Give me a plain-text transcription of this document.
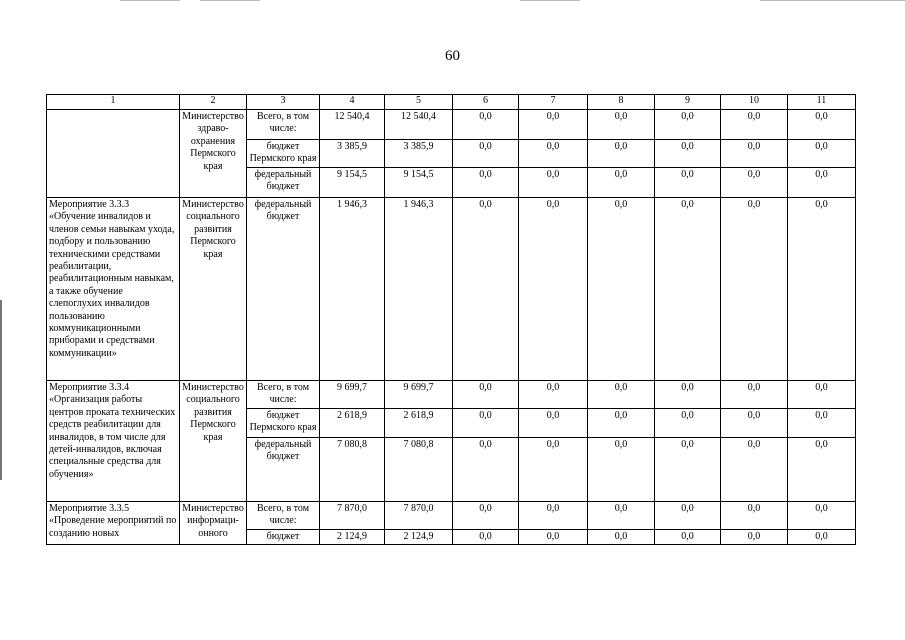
60
1	2	3	4	5	6	7	8	9	10	11
	Министерство здраво-охранения Пермского края	Всего, в том числе:	12 540,4	12 540,4	0,0	0,0	0,0	0,0	0,0	0,0
		бюджет Пермского края	3 385,9	3 385,9	0,0	0,0	0,0	0,0	0,0	0,0
		федеральный бюджет	9 154,5	9 154,5	0,0	0,0	0,0	0,0	0,0	0,0
Мероприятие 3.3.3 «Обучение инвалидов и членов семьи навыкам ухода, подбору и пользованию техническими средствами реабилитации, реабилитационным навыкам, а также обучение слепоглухих инвалидов пользованию коммуникационными приборами и средствами коммуникации»	Министерство социального развития Пермского края	федеральный бюджет	1 946,3	1 946,3	0,0	0,0	0,0	0,0	0,0	0,0
Мероприятие 3.3.4 «Организация работы центров проката технических средств реабилитации для инвалидов, в том числе для детей-инвалидов, включая специальные средства для обучения»	Министерство социального развития Пермского края	Всего, в том числе:	9 699,7	9 699,7	0,0	0,0	0,0	0,0	0,0	0,0
		бюджет Пермского края	2 618,9	2 618,9	0,0	0,0	0,0	0,0	0,0	0,0
		федеральный бюджет	7 080,8	7 080,8	0,0	0,0	0,0	0,0	0,0	0,0
Мероприятие 3.3.5 «Проведение мероприятий по созданию новых	Министерство информаци-онного	Всего, в том числе:	7 870,0	7 870,0	0,0	0,0	0,0	0,0	0,0	0,0
		бюджет	2 124,9	2 124,9	0,0	0,0	0,0	0,0	0,0	0,0
